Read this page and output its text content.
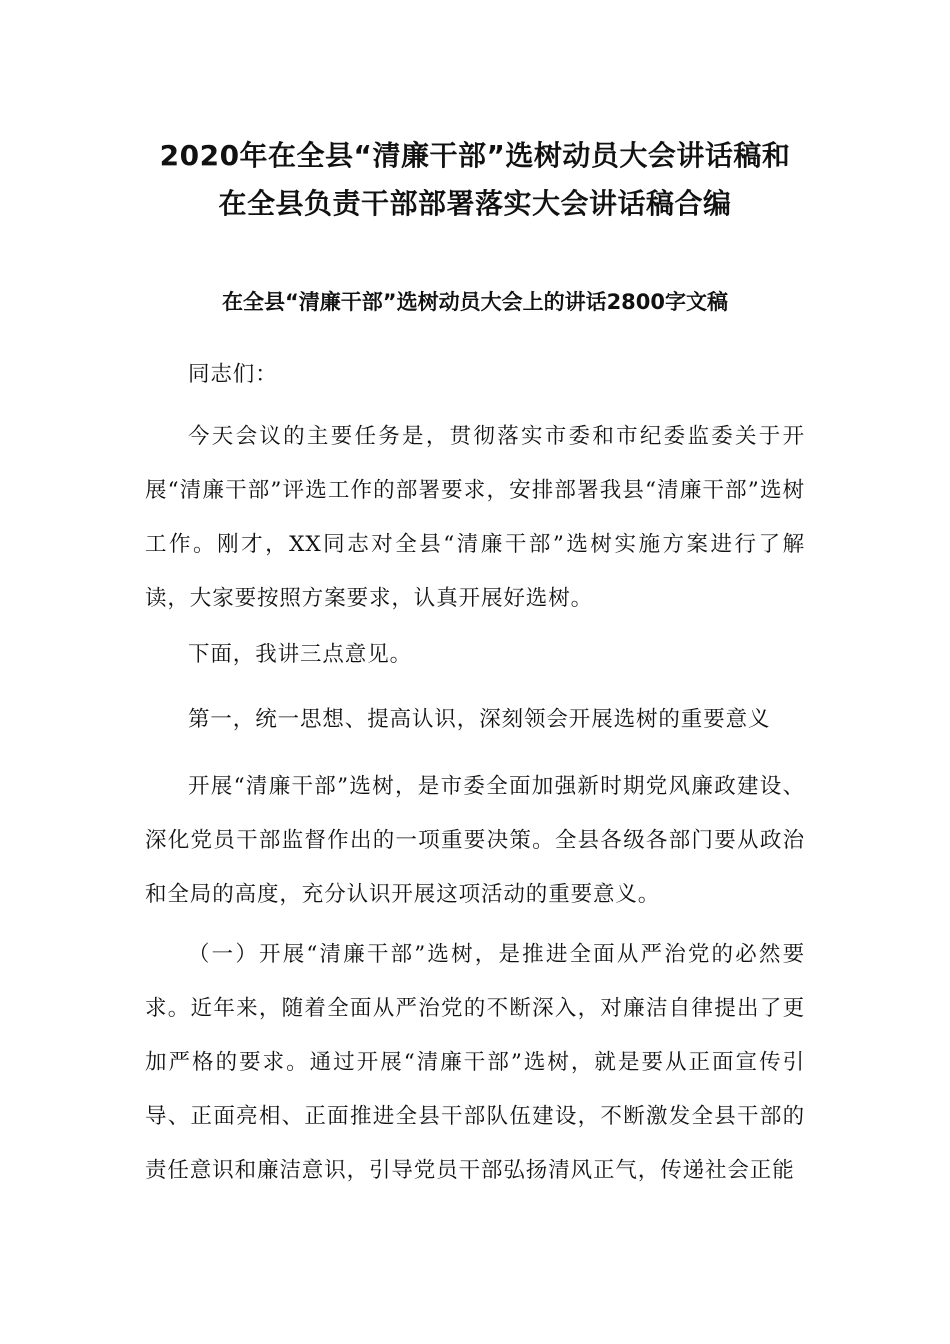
2020年在全县“清廉干部”选树动员大会讲话稿和
在全县负责干部部署落实大会讲话稿合编
在全县“清廉干部”选树动员大会上的讲话2800字文稿

同志们：

今天会议的主要任务是，贯彻落实市委和市纪委监委关于开展“清廉干部”评选工作的部署要求，安排部署我县“清廉干部”选树工作。刚才，XX同志对全县“清廉干部”选树实施方案进行了解读，大家要按照方案要求，认真开展好选树。

下面，我讲三点意见。

第一，统一思想、提高认识，深刻领会开展选树的重要意义

开展“清廉干部”选树，是市委全面加强新时期党风廉政建设、深化党员干部监督作出的一项重要决策。全县各级各部门要从政治和全局的高度，充分认识开展这项活动的重要意义。

（一）开展“清廉干部”选树，是推进全面从严治党的必然要求。近年来，随着全面从严治党的不断深入，对廉洁自律提出了更加严格的要求。通过开展“清廉干部”选树，就是要从正面宣传引导、正面亮相、正面推进全县干部队伍建设，不断激发全县干部的责任意识和廉洁意识，引导党员干部弘扬清风正气，传递社会正能
